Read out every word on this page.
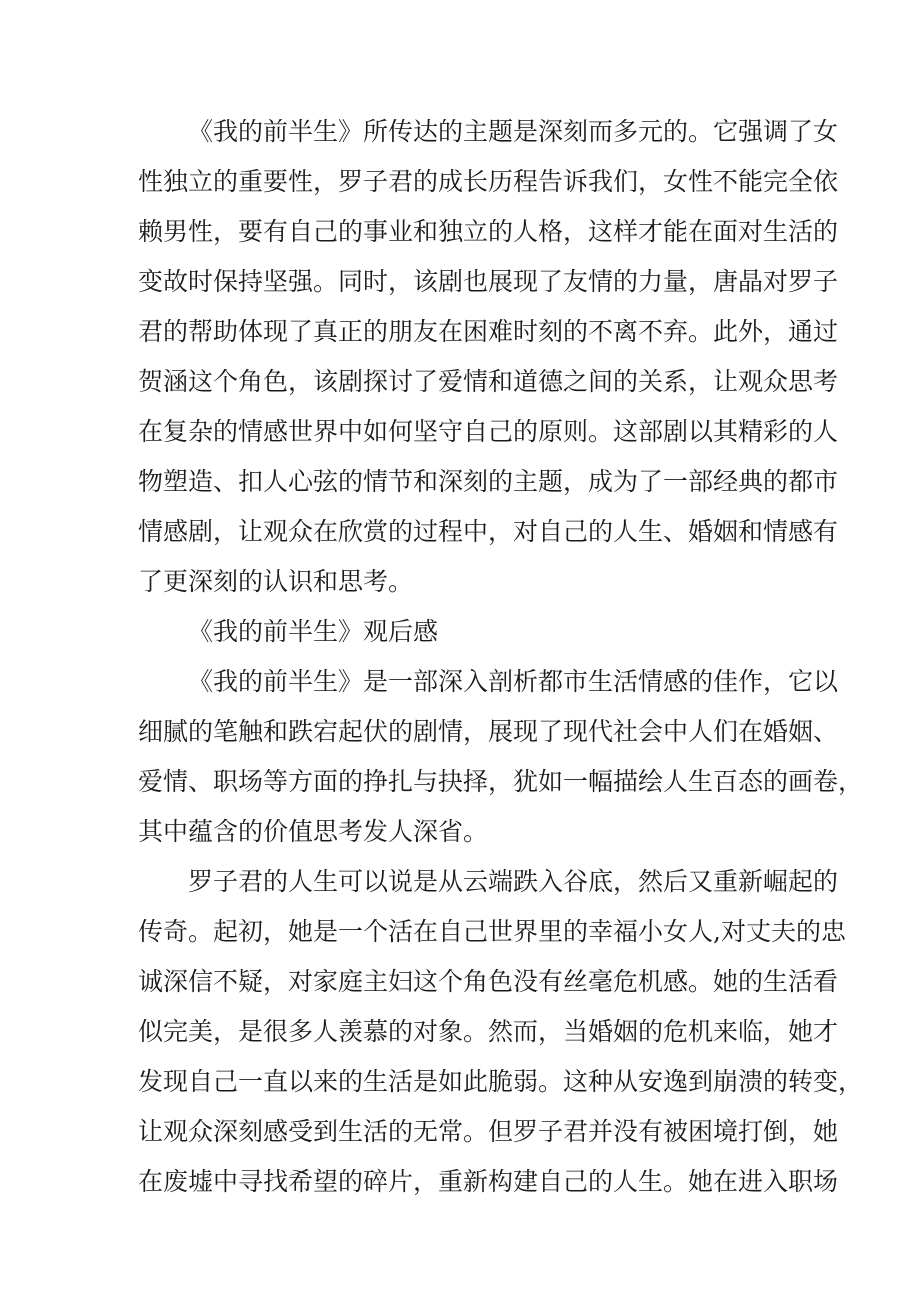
《我的前半生》所传达的主题是深刻而多元的。它强调了女
性独立的重要性，罗子君的成长历程告诉我们，女性不能完全依
赖男性，要有自己的事业和独立的人格，这样才能在面对生活的
变故时保持坚强。同时，该剧也展现了友情的力量，唐晶对罗子
君的帮助体现了真正的朋友在困难时刻的不离不弃。此外，通过
贺涵这个角色，该剧探讨了爱情和道德之间的关系，让观众思考
在复杂的情感世界中如何坚守自己的原则。这部剧以其精彩的人
物塑造、扣人心弦的情节和深刻的主题，成为了一部经典的都市
情感剧，让观众在欣赏的过程中，对自己的人生、婚姻和情感有
了更深刻的认识和思考。
《我的前半生》观后感
《我的前半生》是一部深入剖析都市生活情感的佳作，它以
细腻的笔触和跌宕起伏的剧情，展现了现代社会中人们在婚姻、
爱情、职场等方面的挣扎与抉择，犹如一幅描绘人生百态的画卷，
其中蕴含的价值思考发人深省。
罗子君的人生可以说是从云端跌入谷底，然后又重新崛起的
传奇。起初，她是一个活在自己世界里的幸福小女人,对丈夫的忠
诚深信不疑，对家庭主妇这个角色没有丝毫危机感。她的生活看
似完美，是很多人羡慕的对象。然而，当婚姻的危机来临，她才
发现自己一直以来的生活是如此脆弱。这种从安逸到崩溃的转变，
让观众深刻感受到生活的无常。但罗子君并没有被困境打倒，她
在废墟中寻找希望的碎片，重新构建自己的人生。她在进入职场
